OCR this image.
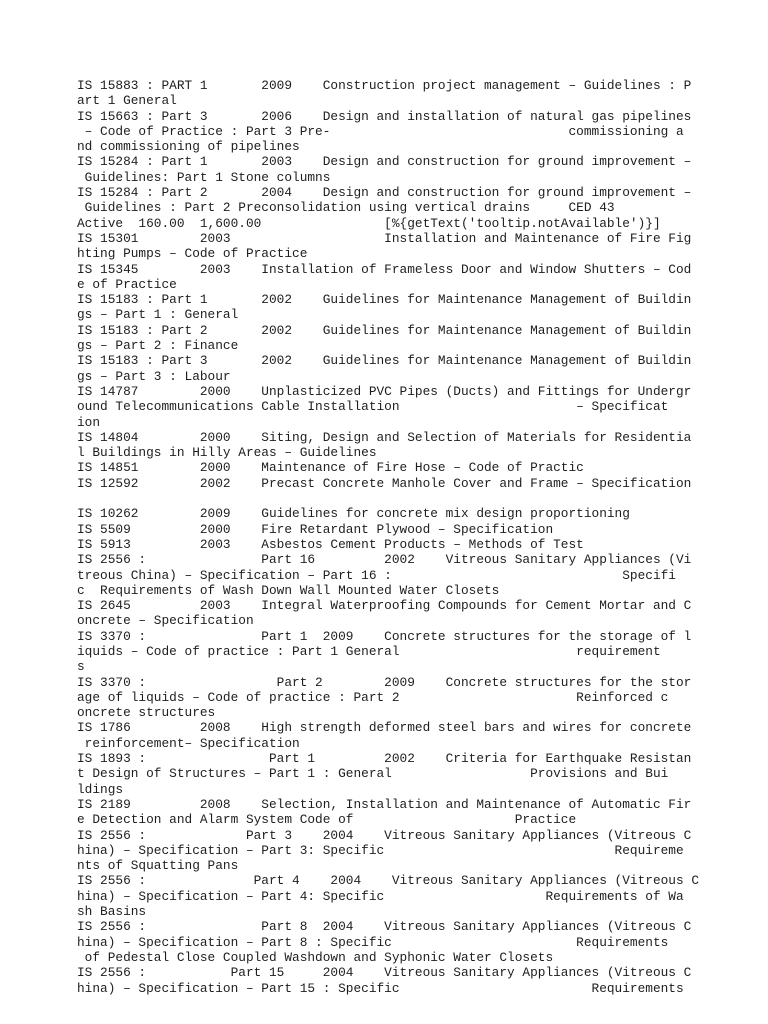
IS 15883 : PART 1       2009    Construction project management – Guidelines : P
art 1 General
IS 15663 : Part 3       2006    Design and installation of natural gas pipelines
– Code of Practice : Part 3 Pre-                               commissioning a
nd commissioning of pipelines
IS 15284 : Part 1       2003    Design and construction for ground improvement –
Guidelines: Part 1 Stone columns
IS 15284 : Part 2       2004    Design and construction for ground improvement –
Guidelines : Part 2 Preconsolidation using vertical drains     CED 43
Active  160.00  1,600.00                [%{getText('tooltip.notAvailable')}]
IS 15301        2003                    Installation and Maintenance of Fire Fig
hting Pumps – Code of Practice
IS 15345        2003    Installation of Frameless Door and Window Shutters – Cod
e of Practice
IS 15183 : Part 1       2002    Guidelines for Maintenance Management of Buildin
gs – Part 1 : General
IS 15183 : Part 2       2002    Guidelines for Maintenance Management of Buildin
gs – Part 2 : Finance
IS 15183 : Part 3       2002    Guidelines for Maintenance Management of Buildin
gs – Part 3 : Labour
IS 14787        2000    Unplasticized PVC Pipes (Ducts) and Fittings for Undergr
ound Telecommunications Cable Installation                       – Specificat
ion
IS 14804        2000    Siting, Design and Selection of Materials for Residentia
l Buildings in Hilly Areas – Guidelines
IS 14851        2000    Maintenance of Fire Hose – Code of Practic
IS 12592        2002    Precast Concrete Manhole Cover and Frame – Specification
IS 10262        2009    Guidelines for concrete mix design proportioning
IS 5509         2000    Fire Retardant Plywood – Specification
IS 5913         2003    Asbestos Cement Products – Methods of Test
IS 2556 :               Part 16         2002    Vitreous Sanitary Appliances (Vi
treous China) – Specification – Part 16 :                              Specifi
c  Requirements of Wash Down Wall Mounted Water Closets
IS 2645         2003    Integral Waterproofing Compounds for Cement Mortar and C
oncrete – Specification
IS 3370 :               Part 1  2009    Concrete structures for the storage of l
iquids – Code of practice : Part 1 General                       requirement
s
IS 3370 :                 Part 2        2009    Concrete structures for the stor
age of liquids – Code of practice : Part 2                       Reinforced c
oncrete structures
IS 1786         2008    High strength deformed steel bars and wires for concrete
reinforcement– Specification
IS 1893 :                Part 1         2002    Criteria for Earthquake Resistan
t Design of Structures – Part 1 : General                  Provisions and Bui
ldings
IS 2189         2008    Selection, Installation and Maintenance of Automatic Fir
e Detection and Alarm System Code of                     Practice
IS 2556 :             Part 3    2004    Vitreous Sanitary Appliances (Vitreous C
hina) – Specification – Part 3: Specific                              Requireme
nts of Squatting Pans
IS 2556 :              Part 4    2004    Vitreous Sanitary Appliances (Vitreous C
hina) – Specification – Part 4: Specific                     Requirements of Wa
sh Basins
IS 2556 :               Part 8  2004    Vitreous Sanitary Appliances (Vitreous C
hina) – Specification – Part 8 : Specific                        Requirements
of Pedestal Close Coupled Washdown and Syphonic Water Closets
IS 2556 :           Part 15     2004    Vitreous Sanitary Appliances (Vitreous C
hina) – Specification – Part 15 : Specific                         Requirements
